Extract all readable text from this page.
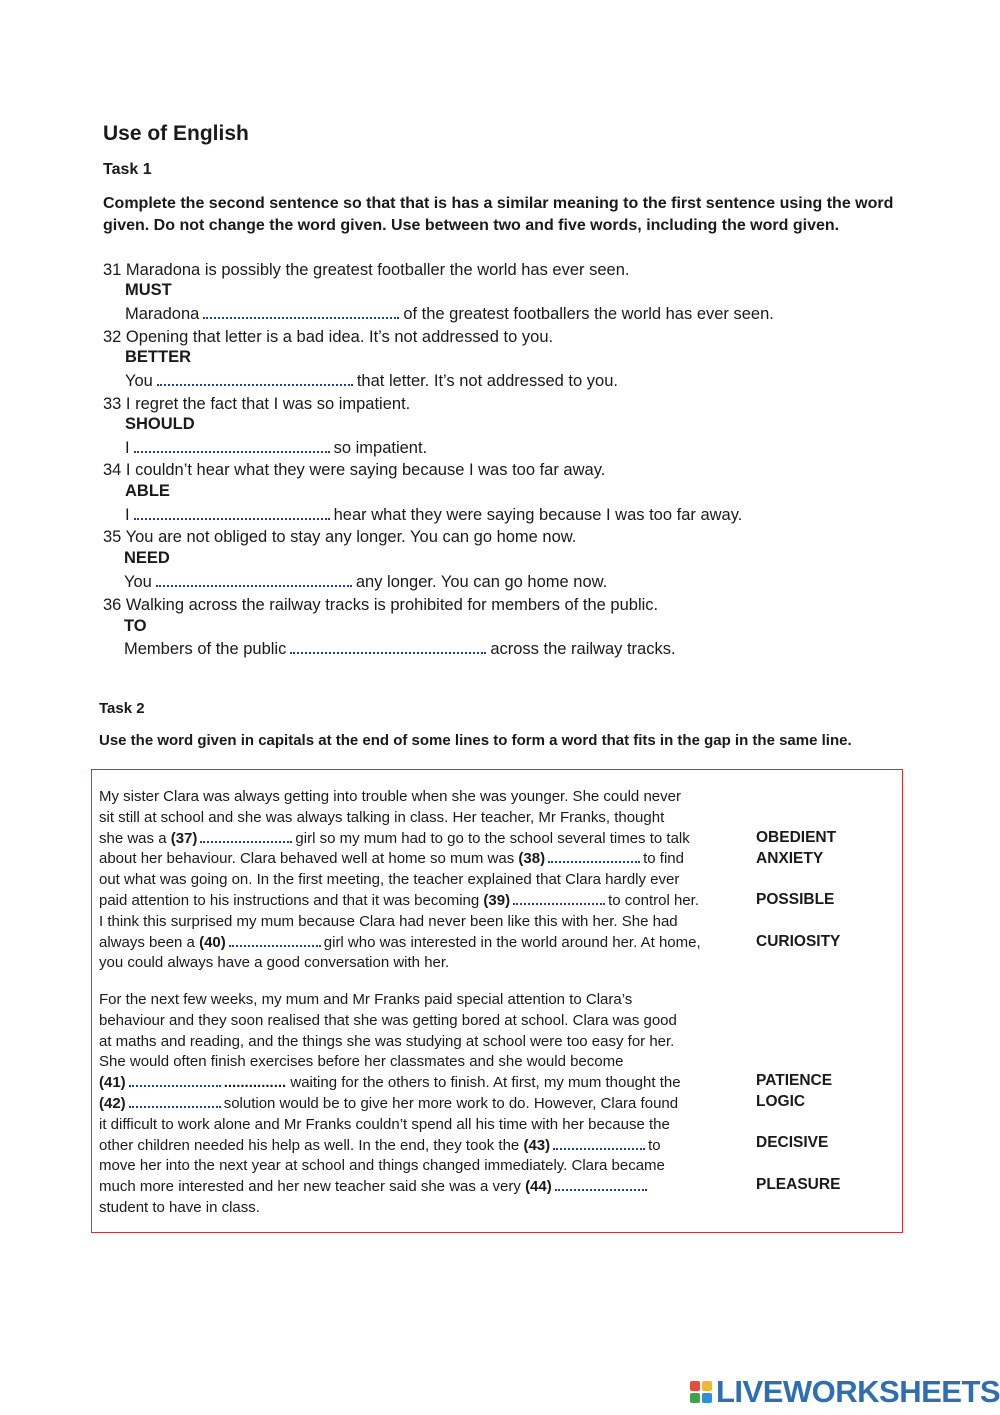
Use of English
Task 1
Complete the second sentence so that that is has a similar meaning to the first sentence using the word
given. Do not change the word given. Use between two and five words, including the word given.
31 Maradona is possibly the greatest footballer the world has ever seen.
MUST
Maradona	of the greatest footballers the world has ever seen.
32 Opening that letter is a bad idea. It’s not addressed to you.
BETTER
You	that letter. It’s not addressed to you.
33 I regret the fact that I was so impatient.
SHOULD
I	so impatient.
34 I couldn’t hear what they were saying because I was too far away.
ABLE
I	hear what they were saying because I was too far away.
35 You are not obliged to stay any longer. You can go home now.
NEED
You	any longer. You can go home now.
36 Walking across the railway tracks is prohibited for members of the public.
TO
Members of the public	across the railway tracks.
Task 2
Use the word given in capitals at the end of some lines to form a word that fits in the gap in the same line.
My sister Clara was always getting into trouble when she was younger. She could never
sit still at school and she was always talking in class. Her teacher, Mr Franks, thought
she was a (37)	girl so my mum had to go to the school several times to talk
about her behaviour. Clara behaved well at home so mum was (38)	to find
out what was going on. In the first meeting, the teacher explained that Clara hardly ever
paid attention to his instructions and that it was becoming (39)	to control her.
I think this surprised my mum because Clara had never been like this with her. She had
always been a (40)	girl who was interested in the world around her. At home,
you could always have a good conversation with her.
For the next few weeks, my mum and Mr Franks paid special attention to Clara’s
behaviour and they soon realised that she was getting bored at school. Clara was good
at maths and reading, and the things she was studying at school were too easy for her.
She would often finish exercises before her classmates and she would become
(41)	............... waiting for the others to finish. At first, my mum thought the
(42)	solution would be to give her more work to do. However, Clara found
it difficult to work alone and Mr Franks couldn’t spend all his time with her because the
other children needed his help as well. In the end, they took the (43)	to
move her into the next year at school and things changed immediately. Clara became
much more interested and her new teacher said she was a very (44)
student to have in class.
OBEDIENT
ANXIETY
POSSIBLE
CURIOSITY
PATIENCE
LOGIC
DECISIVE
PLEASURE
LIVEWORKSHEETS
